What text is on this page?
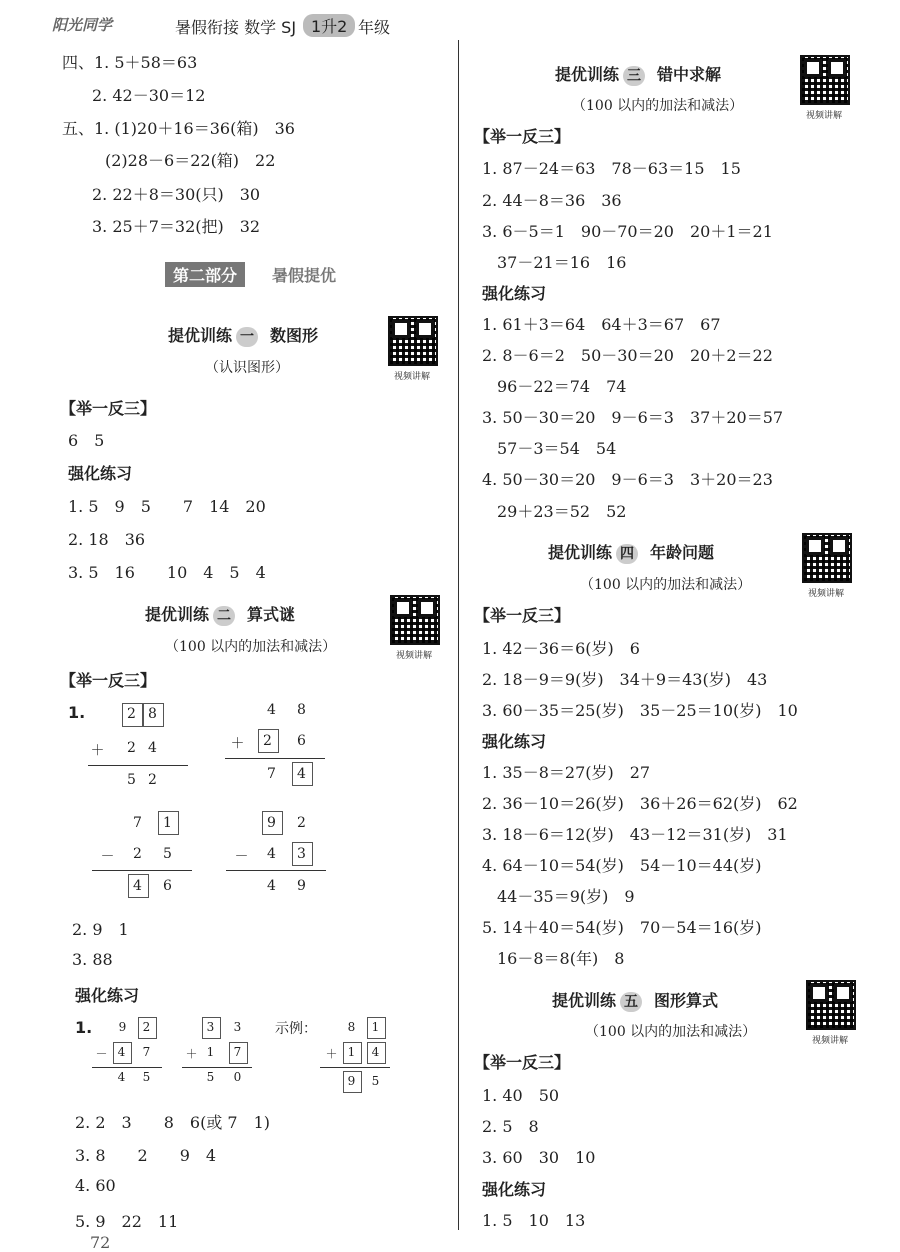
阳光同学	暑假衔接 数学 SJ 1升2 年级
四、1. 5＋58＝63
2. 42－30＝12
五、1. (1)20＋16＝36(箱)　36
(2)28－6＝22(箱)　22
2. 22＋8＝30(只)　30
3. 25＋7＝32(把)　32
第二部分	暑假提优
提优训练 一 数图形
（认识图形）
视频讲解
【举一反三】
6　5
强化练习
1. 5　9　5　　7　14　20
2. 18　36
3. 5　16　　10　4　5　4
提优训练 二 算式谜
（100 以内的加法和减法）
视频讲解
【举一反三】
1.	2 8
＋	2 4
5 2
4	8
＋	2	6
7	4
7	1
－	2	5
4	6
9	2
－	4	3
4	9
2. 9　1
3. 88
强化练习
1.	9	2
－ 4	7
4	5
3	3
＋ 1	7
5	0
示例：	8	1
＋ 1	4
9	5
2. 2　3　　8　6(或 7　1)
3. 8　　2　　9　4
4. 60
5. 9　22　11
72
提优训练 三 错中求解
（100 以内的加法和减法）
视频讲解
【举一反三】
1. 87－24＝63　78－63＝15　15
2. 44－8＝36　36
3. 6－5＝1　90－70＝20　20＋1＝21
37－21＝16　16
强化练习
1. 61＋3＝64　64＋3＝67　67
2. 8－6＝2　50－30＝20　20＋2＝22
96－22＝74　74
3. 50－30＝20　9－6＝3　37＋20＝57
57－3＝54　54
4. 50－30＝20　9－6＝3　3＋20＝23
29＋23＝52　52
提优训练 四 年龄问题
（100 以内的加法和减法）
视频讲解
【举一反三】
1. 42－36＝6(岁)　6
2. 18－9＝9(岁)　34＋9＝43(岁)　43
3. 60－35＝25(岁)　35－25＝10(岁)　10
强化练习
1. 35－8＝27(岁)　27
2. 36－10＝26(岁)　36＋26＝62(岁)　62
3. 18－6＝12(岁)　43－12＝31(岁)　31
4. 64－10＝54(岁)　54－10＝44(岁)
44－35＝9(岁)　9
5. 14＋40＝54(岁)　70－54＝16(岁)
16－8＝8(年)　8
提优训练 五 图形算式
（100 以内的加法和减法）
视频讲解
【举一反三】
1. 40　50
2. 5　8
3. 60　30　10
强化练习
1. 5　10　13
